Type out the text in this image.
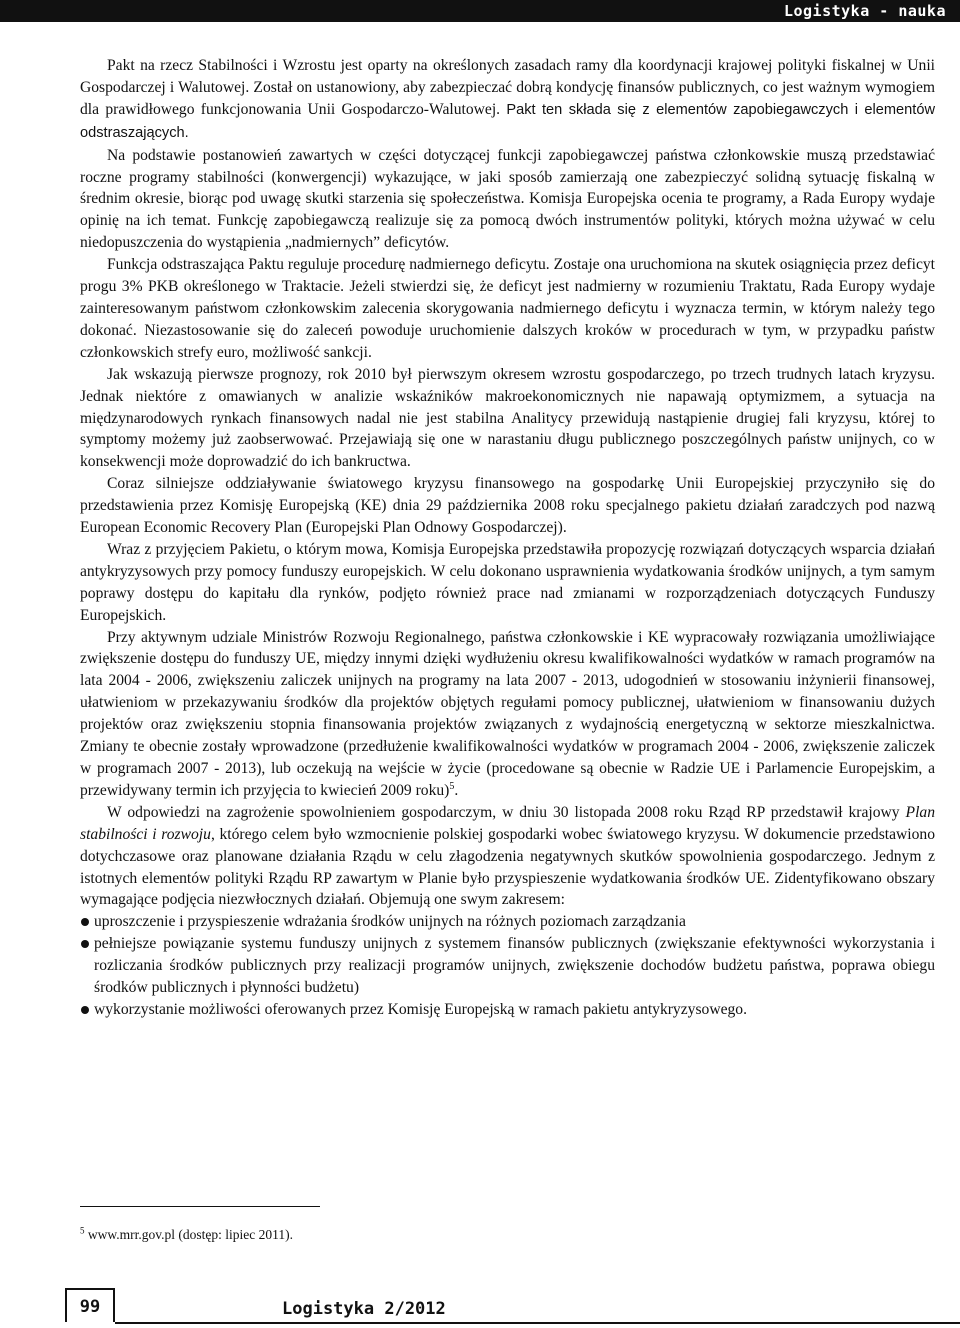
Logistyka - nauka

Pakt na rzecz Stabilności i Wzrostu jest oparty na określonych zasadach ramy dla koordynacji krajowej polityki fiskalnej w Unii Gospodarczej i Walutowej. Został on ustanowiony, aby zabezpieczać dobrą kondycję finansów publicznych, co jest ważnym wymogiem dla prawidłowego funkcjonowania Unii Gospodarczo-Walutowej. Pakt ten składa się z elementów zapobiegawczych i elementów odstraszających.

Na podstawie postanowień zawartych w części dotyczącej funkcji zapobiegawczej państwa członkowskie muszą przedstawiać roczne programy stabilności (konwergencji) wykazujące, w jaki sposób zamierzają one zabezpieczyć solidną sytuację fiskalną w średnim okresie, biorąc pod uwagę skutki starzenia się społeczeństwa. Komisja Europejska ocenia te programy, a Rada Europy wydaje opinię na ich temat. Funkcję zapobiegawczą realizuje się za pomocą dwóch instrumentów polityki, których można używać w celu niedopuszczenia do wystąpienia „nadmiernych” deficytów.

Funkcja odstraszająca Paktu reguluje procedurę nadmiernego deficytu. Zostaje ona uruchomiona na skutek osiągnięcia przez deficyt progu 3% PKB określonego w Traktacie. Jeżeli stwierdzi się, że deficyt jest nadmierny w rozumieniu Traktatu, Rada Europy wydaje zainteresowanym państwom członkowskim zalecenia skorygowania nadmiernego deficytu i wyznacza termin, w którym należy tego dokonać. Niezastosowanie się do zaleceń powoduje uruchomienie dalszych kroków w procedurach w tym, w przypadku państw członkowskich strefy euro, możliwość sankcji.

Jak wskazują pierwsze prognozy, rok 2010 był pierwszym okresem wzrostu gospodarczego, po trzech trudnych latach kryzysu. Jednak niektóre z omawianych w analizie wskaźników makroekonomicznych nie napawają optymizmem, a sytuacja na międzynarodowych rynkach finansowych nadal nie jest stabilna Analitycy przewidują nastąpienie drugiej fali kryzysu, której to symptomy możemy już zaobserwować. Przejawiają się one w narastaniu długu publicznego poszczególnych państw unijnych, co w konsekwencji może doprowadzić do ich bankructwa.

Coraz silniejsze oddziaływanie światowego kryzysu finansowego na gospodarkę Unii Europejskiej przyczyniło się do przedstawienia przez Komisję Europejską (KE) dnia 29 października 2008 roku specjalnego pakietu działań zaradczych pod nazwą European Economic Recovery Plan (Europejski Plan Odnowy Gospodarczej).

Wraz z przyjęciem Pakietu, o którym mowa, Komisja Europejska przedstawiła propozycję rozwiązań dotyczących wsparcia działań antykryzysowych przy pomocy funduszy europejskich. W celu dokonano usprawnienia wydatkowania środków unijnych, a tym samym poprawy dostępu do kapitału dla rynków, podjęto również prace nad zmianami w rozporządzeniach dotyczących Funduszy Europejskich.

Przy aktywnym udziale Ministrów Rozwoju Regionalnego, państwa członkowskie i KE wypracowały rozwiązania umożliwiające zwiększenie dostępu do funduszy UE, między innymi dzięki wydłużeniu okresu kwalifikowalności wydatków w ramach programów na lata 2004 - 2006, zwiększeniu zaliczek unijnych na programy na lata 2007 - 2013, udogodnień w stosowaniu inżynierii finansowej, ułatwieniom w przekazywaniu środków dla projektów objętych regułami pomocy publicznej, ułatwieniom w finansowaniu dużych projektów oraz zwiększeniu stopnia finansowania projektów związanych z wydajnością energetyczną w sektorze mieszkalnictwa. Zmiany te obecnie zostały wprowadzone (przedłużenie kwalifikowalności wydatków w programach 2004 - 2006, zwiększenie zaliczek w programach 2007 - 2013), lub oczekują na wejście w życie (procedowane są obecnie w Radzie UE i Parlamencie Europejskim, a przewidywany termin ich przyjęcia to kwiecień 2009 roku)$^5$.

W odpowiedzi na zagrożenie spowolnieniem gospodarczym, w dniu 30 listopada 2008 roku Rząd RP przedstawił krajowy Plan stabilności i rozwoju, którego celem było wzmocnienie polskiej gospodarki wobec światowego kryzysu. W dokumencie przedstawiono dotychczasowe oraz planowane działania Rządu w celu złagodzenia negatywnych skutków spowolnienia gospodarczego. Jednym z istotnych elementów polityki Rządu RP zawartym w Planie było przyspieszenie wydatkowania środków UE. Zidentyfikowano obszary wymagające podjęcia niezwłocznych działań. Objemują one swym zakresem:

uproszczenie i przyspieszenie wdrażania środków unijnych na różnych poziomach zarządzania
pełniejsze powiązanie systemu funduszy unijnych z systemem finansów publicznych (zwiększanie efektywności wykorzystania i rozliczania środków publicznych przy realizacji programów unijnych, zwiększenie dochodów budżetu państwa, poprawa obiegu środków publicznych i płynności budżetu)
wykorzystanie możliwości oferowanych przez Komisję Europejską w ramach pakietu antykryzysowego.
$^5$ www.mrr.gov.pl (dostęp: lipiec 2011).
99	Logistyka 2/2012
